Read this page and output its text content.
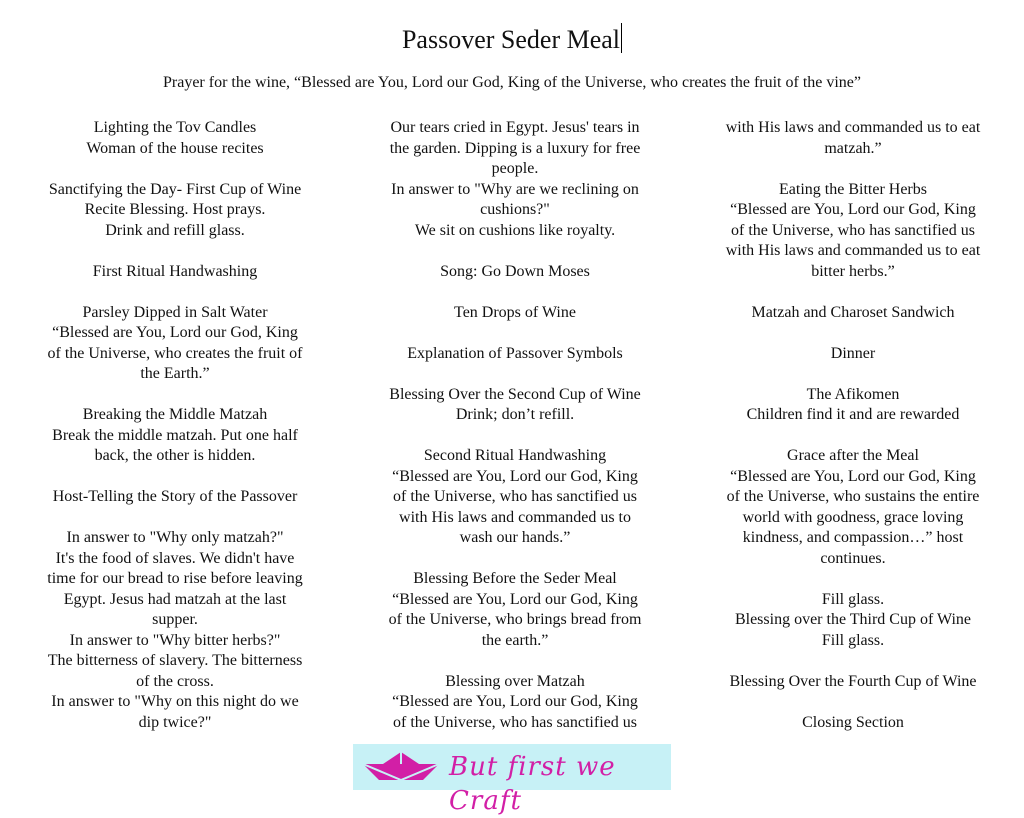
Passover Seder Meal
Prayer for the wine, “Blessed are You, Lord our God, King of the Universe, who creates the fruit of the vine”
Lighting the Tov Candles
Woman of the house recites
Sanctifying the Day- First Cup of Wine
Recite Blessing. Host prays.
Drink and refill glass.
First Ritual Handwashing
Parsley Dipped in Salt Water
“Blessed are You, Lord our God, King
of the Universe, who creates the fruit of
the Earth.”
Breaking the Middle Matzah
Break the middle matzah. Put one half
back, the other is hidden.
Host-Telling the Story of the Passover
In answer to "Why only matzah?"
It's the food of slaves. We didn't have
time for our bread to rise before leaving
Egypt. Jesus had matzah at the last
supper.
In answer to "Why bitter herbs?"
The bitterness of slavery. The bitterness
of the cross.
In answer to "Why on this night do we
dip twice?"
Our tears cried in Egypt. Jesus' tears in
the garden. Dipping is a luxury for free
people.
In answer to "Why are we reclining on
cushions?"
We sit on cushions like royalty.
Song: Go Down Moses
Ten Drops of Wine
Explanation of Passover Symbols
Blessing Over the Second Cup of Wine
Drink; don’t refill.
Second Ritual Handwashing
“Blessed are You, Lord our God, King
of the Universe, who has sanctified us
with His laws and commanded us to
wash our hands.”
Blessing Before the Seder Meal
“Blessed are You, Lord our God, King
of the Universe, who brings bread from
the earth.”
Blessing over Matzah
“Blessed are You, Lord our God, King
of the Universe, who has sanctified us
with His laws and commanded us to eat
matzah.”
Eating the Bitter Herbs
“Blessed are You, Lord our God, King
of the Universe, who has sanctified us
with His laws and commanded us to eat
bitter herbs.”
Matzah and Charoset Sandwich
Dinner
The Afikomen
Children find it and are rewarded
Grace after the Meal
“Blessed are You, Lord our God, King
of the Universe, who sustains the entire
world with goodness, grace loving
kindness, and compassion…” host
continues.
Fill glass.
Blessing over the Third Cup of Wine
Fill glass.
Blessing Over the Fourth Cup of Wine
Closing Section
But first we Craft
